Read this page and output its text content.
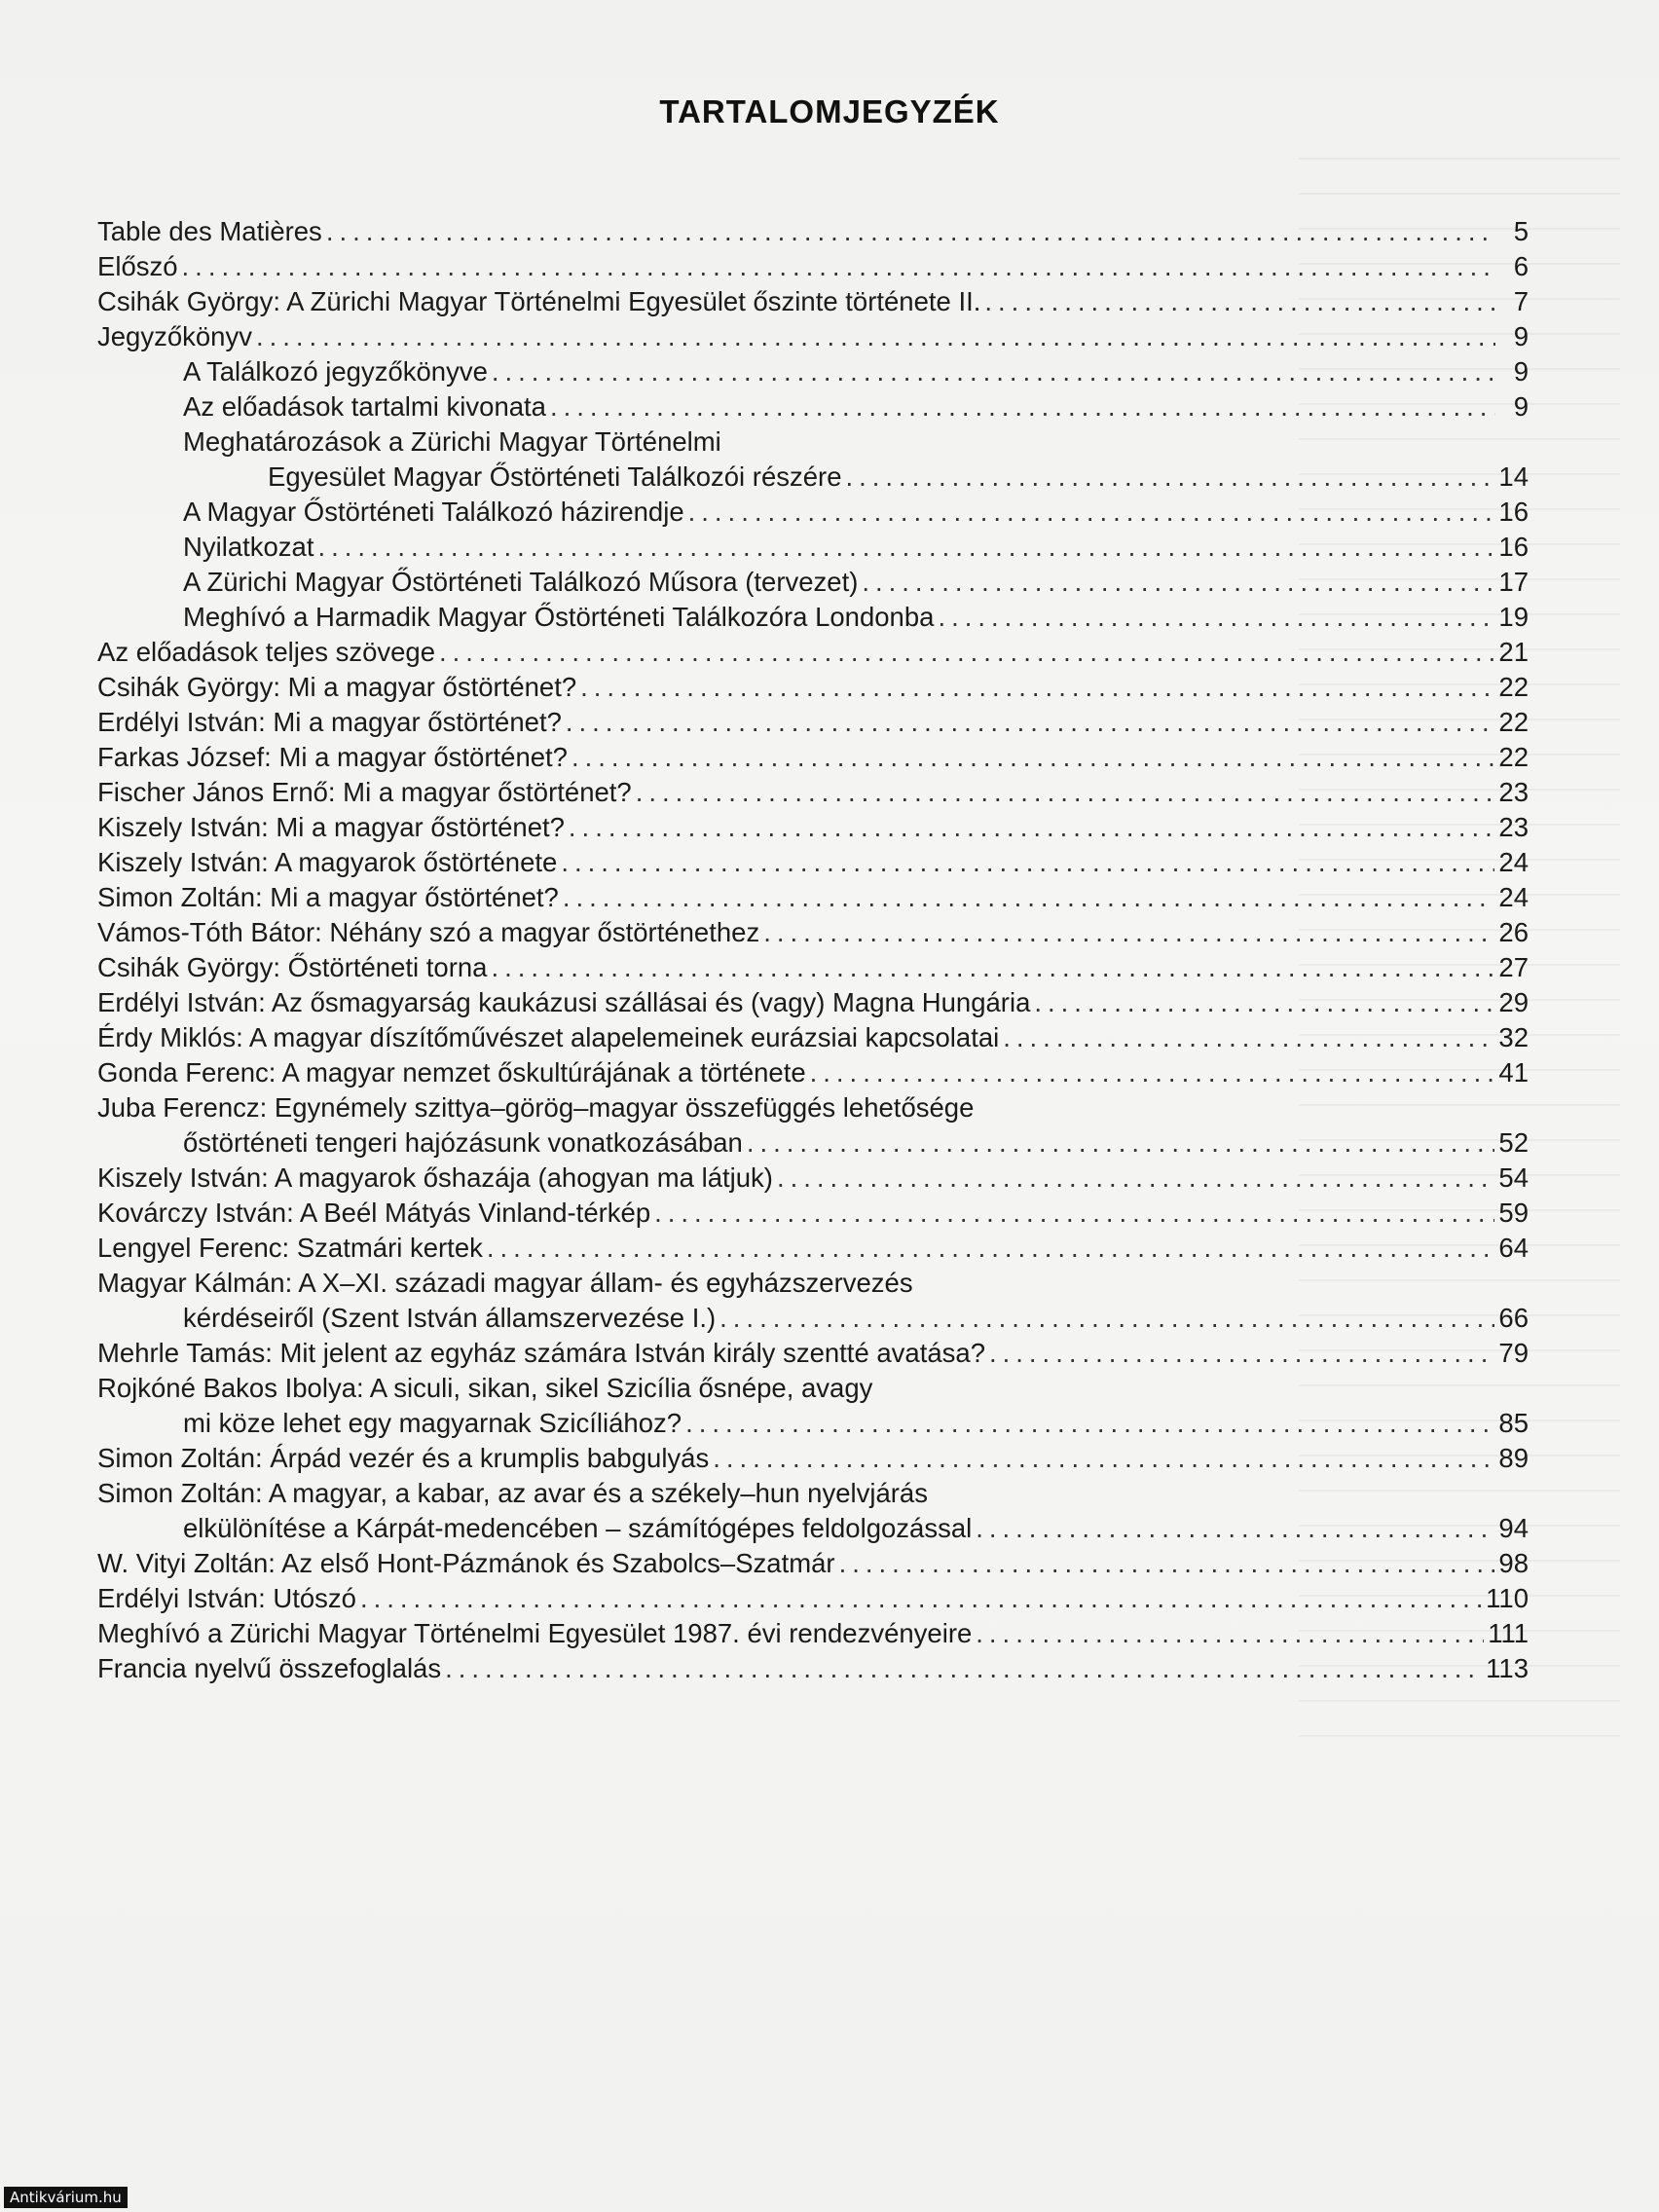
TARTALOMJEGYZÉK
Table des Matières .....	5
Előszó .....	6
Csihák György: A Zürichi Magyar Történelmi Egyesület őszinte története II. .....	7
Jegyzőkönyv .....	9
A Találkozó jegyzőkönyve .....	9
Az előadások tartalmi kivonata .....	9
Meghatározások a Zürichi Magyar Történelmi
Egyesület Magyar Őstörténeti Találkozói részére .....	14
A Magyar Őstörténeti Találkozó házirendje .....	16
Nyilatkozat .....	16
A Zürichi Magyar Őstörténeti Találkozó Műsora (tervezet) .....	17
Meghívó a Harmadik Magyar Őstörténeti Találkozóra Londonba .....	19
Az előadások teljes szövege .....	21
Csihák György: Mi a magyar őstörténet? .....	22
Erdélyi István: Mi a magyar őstörténet? .....	22
Farkas József: Mi a magyar őstörténet? .....	22
Fischer János Ernő: Mi a magyar őstörténet? .....	23
Kiszely István: Mi a magyar őstörténet? .....	23
Kiszely István: A magyarok őstörténete .....	24
Simon Zoltán: Mi a magyar őstörténet? .....	24
Vámos-Tóth Bátor: Néhány szó a magyar őstörténethez .....	26
Csihák György: Őstörténeti torna .....	27
Erdélyi István: Az ősmagyarság kaukázusi szállásai és (vagy) Magna Hungária .....	29
Érdy Miklós: A magyar díszítőművészet alapelemeinek eurázsiai kapcsolatai .....	32
Gonda Ferenc: A magyar nemzet őskultúrájának a története .....	41
Juba Ferencz: Egynémely szittya–görög–magyar összefüggés lehetősége
őstörténeti tengeri hajózásunk vonatkozásában .....	52
Kiszely István: A magyarok őshazája (ahogyan ma látjuk) .....	54
Kovárczy István: A Beél Mátyás Vinland-térkép .....	59
Lengyel Ferenc: Szatmári kertek .....	64
Magyar Kálmán: A X–XI. századi magyar állam- és egyházszervezés
kérdéseiről (Szent István államszervezése I.) .....	66
Mehrle Tamás: Mit jelent az egyház számára István király szentté avatása? .....	79
Rojkóné Bakos Ibolya: A siculi, sikan, sikel Szicília ősnépe, avagy
mi köze lehet egy magyarnak Szicíliához? .....	85
Simon Zoltán: Árpád vezér és a krumplis babgulyás .....	89
Simon Zoltán: A magyar, a kabar, az avar és a székely–hun nyelvjárás
elkülönítése a Kárpát-medencében – számítógépes feldolgozással .....	94
W. Vityi Zoltán: Az első Hont-Pázmánok és Szabolcs–Szatmár .....	98
Erdélyi István: Utószó .....	110
Meghívó a Zürichi Magyar Történelmi Egyesület 1987. évi rendezvényeire .....	111
Francia nyelvű összefoglalás .....	113
Antikvárium.hu
